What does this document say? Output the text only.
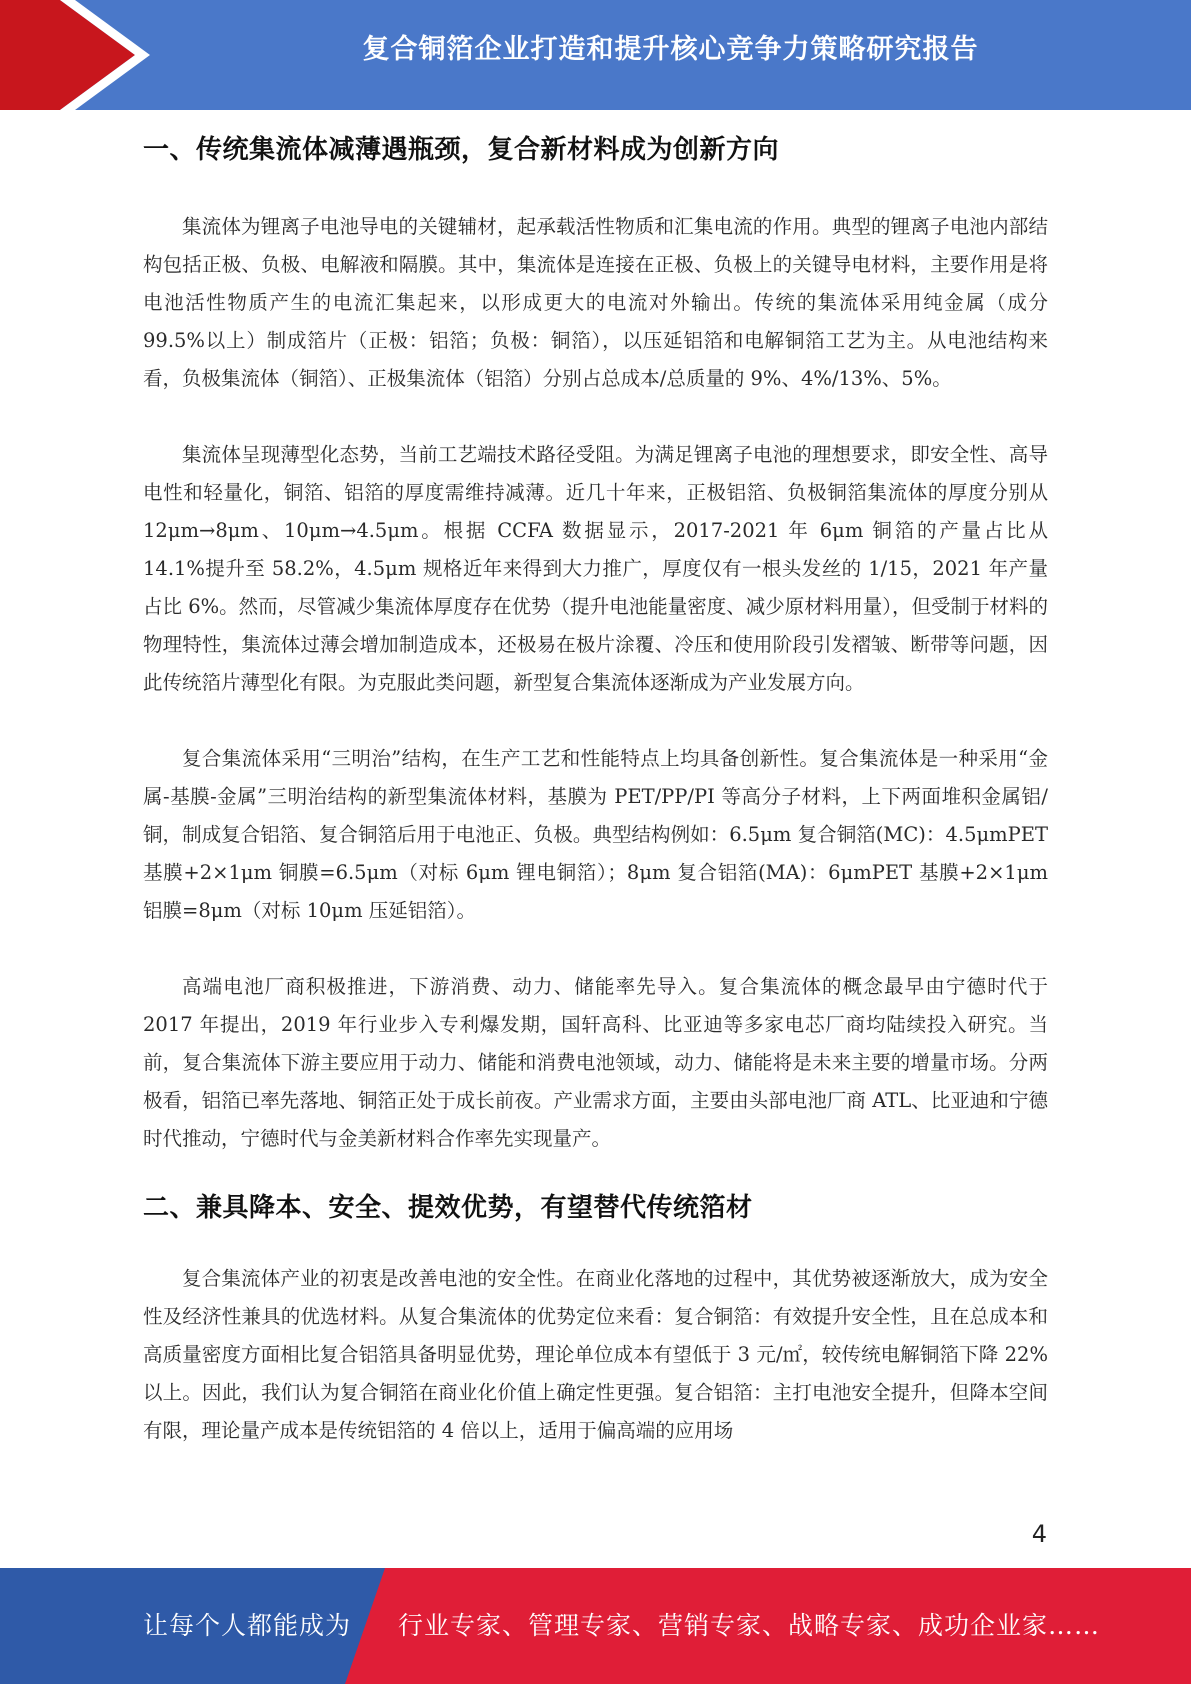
复合铜箔企业打造和提升核心竞争力策略研究报告
一、传统集流体减薄遇瓶颈，复合新材料成为创新方向

集流体为锂离子电池导电的关键辅材，起承载活性物质和汇集电流的作用。典型的锂离子电池内部结构包括正极、负极、电解液和隔膜。其中，集流体是连接在正极、负极上的关键导电材料，主要作用是将电池活性物质产生的电流汇集起来，以形成更大的电流对外输出。传统的集流体采用纯金属（成分 99.5%以上）制成箔片（正极：铝箔；负极：铜箔），以压延铝箔和电解铜箔工艺为主。从电池结构来看，负极集流体（铜箔）、正极集流体（铝箔）分别占总成本/总质量的 9%、4%/13%、5%。

集流体呈现薄型化态势，当前工艺端技术路径受阻。为满足锂离子电池的理想要求，即安全性、高导电性和轻量化，铜箔、铝箔的厚度需维持减薄。近几十年来，正极铝箔、负极铜箔集流体的厚度分别从 12μm→8μm、10μm→4.5μm。根据 CCFA 数据显示，2017-2021 年 6μm 铜箔的产量占比从 14.1%提升至 58.2%，4.5μm 规格近年来得到大力推广，厚度仅有一根头发丝的 1/15，2021 年产量占比 6%。然而，尽管减少集流体厚度存在优势（提升电池能量密度、减少原材料用量），但受制于材料的物理特性，集流体过薄会增加制造成本，还极易在极片涂覆、冷压和使用阶段引发褶皱、断带等问题，因此传统箔片薄型化有限。为克服此类问题，新型复合集流体逐渐成为产业发展方向。

复合集流体采用“三明治”结构，在生产工艺和性能特点上均具备创新性。复合集流体是一种采用“金属-基膜-金属”三明治结构的新型集流体材料，基膜为 PET/PP/PI 等高分子材料，上下两面堆积金属铝/铜，制成复合铝箔、复合铜箔后用于电池正、负极。典型结构例如：6.5μm 复合铜箔(MC)：4.5μmPET 基膜+2×1μm 铜膜=6.5μm（对标 6μm 锂电铜箔）；8μm 复合铝箔(MA)：6μmPET 基膜+2×1μm 铝膜=8μm（对标 10μm 压延铝箔）。

高端电池厂商积极推进，下游消费、动力、储能率先导入。复合集流体的概念最早由宁德时代于 2017 年提出，2019 年行业步入专利爆发期，国轩高科、比亚迪等多家电芯厂商均陆续投入研究。当前，复合集流体下游主要应用于动力、储能和消费电池领域，动力、储能将是未来主要的增量市场。分两极看，铝箔已率先落地、铜箔正处于成长前夜。产业需求方面，主要由头部电池厂商 ATL、比亚迪和宁德时代推动，宁德时代与金美新材料合作率先实现量产。

二、兼具降本、安全、提效优势，有望替代传统箔材

复合集流体产业的初衷是改善电池的安全性。在商业化落地的过程中，其优势被逐渐放大，成为安全性及经济性兼具的优选材料。从复合集流体的优势定位来看：复合铜箔：有效提升安全性，且在总成本和高质量密度方面相比复合铝箔具备明显优势，理论单位成本有望低于 3 元/㎡，较传统电解铜箔下降 22%以上。因此，我们认为复合铜箔在商业化价值上确定性更强。复合铝箔：主打电池安全提升，但降本空间有限，理论量产成本是传统铝箔的 4 倍以上，适用于偏高端的应用场

4
让每个人都能成为 行业专家、管理专家、营销专家、战略专家、成功企业家……
